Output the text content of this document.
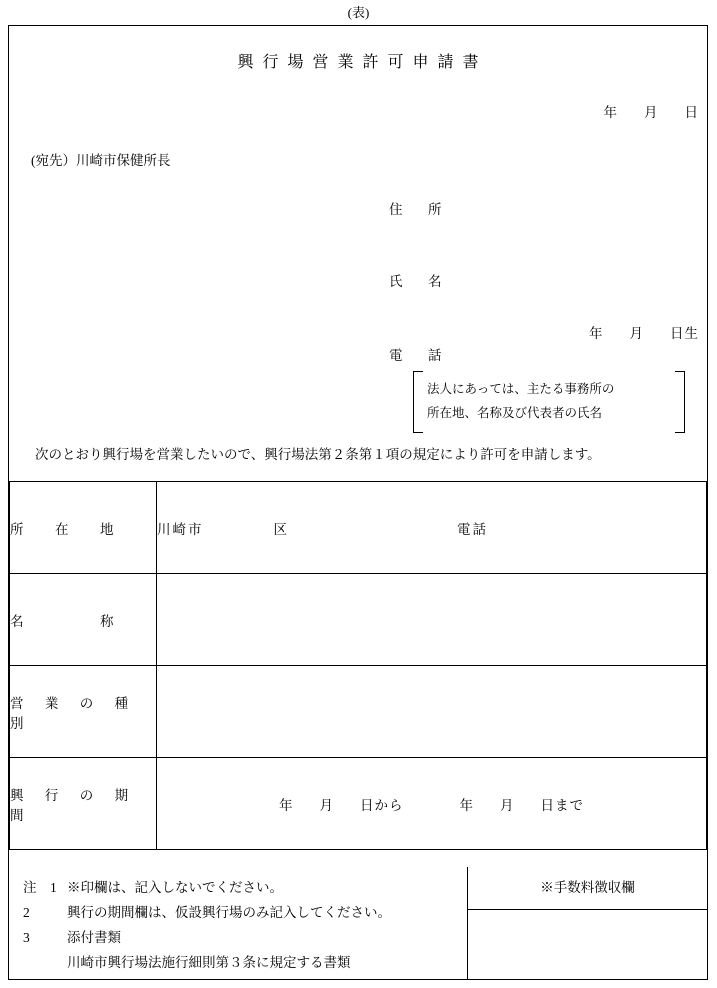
(表)
興行場営業許可申請書
年 月 日
(宛先）川崎市保健所長
住　所
氏　名
年 月 日生
電　話
法人にあっては、主たる事務所の
所在地、名称及び代表者の氏名
次のとおり興行場を営業したいので、興行場法第２条第１項の規定により許可を申請します。
所　在　地	川崎市 区 電話

名　　　称	
営 業 の 種 別	
興 行 の 期 間	年 月 日から 年 月 日まで
注　1 ※印欄は、記入しないでください。
2	興行の期間欄は、仮設興行場のみ記入してください。
3	添付書類
川崎市興行場法施行細則第３条に規定する書類
※手数料徴収欄
